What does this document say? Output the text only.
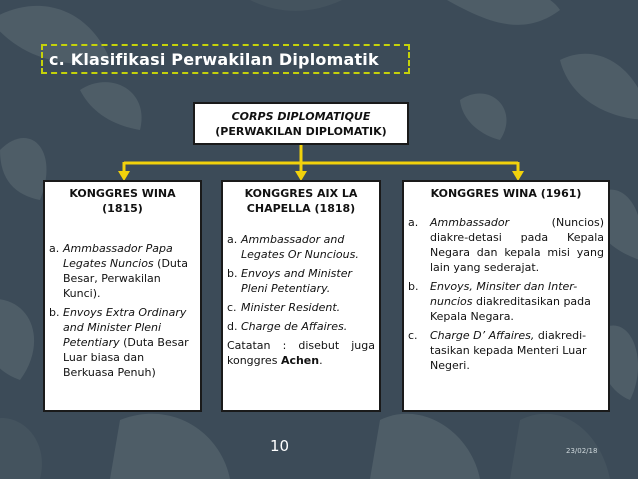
c. Klasifikasi Perwakilan Diplomatik
CORPS DIPLOMATIQUE
(PERWAKILAN DIPLOMATIK)
KONGGRES WINA
(1815)
a. Ammbassador Papa Legates Nuncios (Duta Besar, Perwakilan Kunci).
b. Envoys Extra Ordinary and Minister Pleni Petentiary (Duta Besar Luar biasa dan Berkuasa Penuh)
KONGGRES AIX LA
CHAPELLA (1818)
a. Ammbassador and Legates Or Nuncious.
b. Envoys and Minister Pleni Petentiary.
c. Minister Resident.
d. Charge de Affaires.
Catatan : disebut juga konggres Achen.
KONGGRES WINA (1961)
a.	Ammbassador	(Nuncios) diakre-detasi pada Kepala Negara dan kepala misi yang lain yang sederajat.
b.	Envoys, Minsiter dan Inter-nuncios diakreditasikan pada Kepala Negara.
c.	Charge D’ Affaires, diakredi-tasikan kepada Menteri Luar Negeri.
10	23/02/18
